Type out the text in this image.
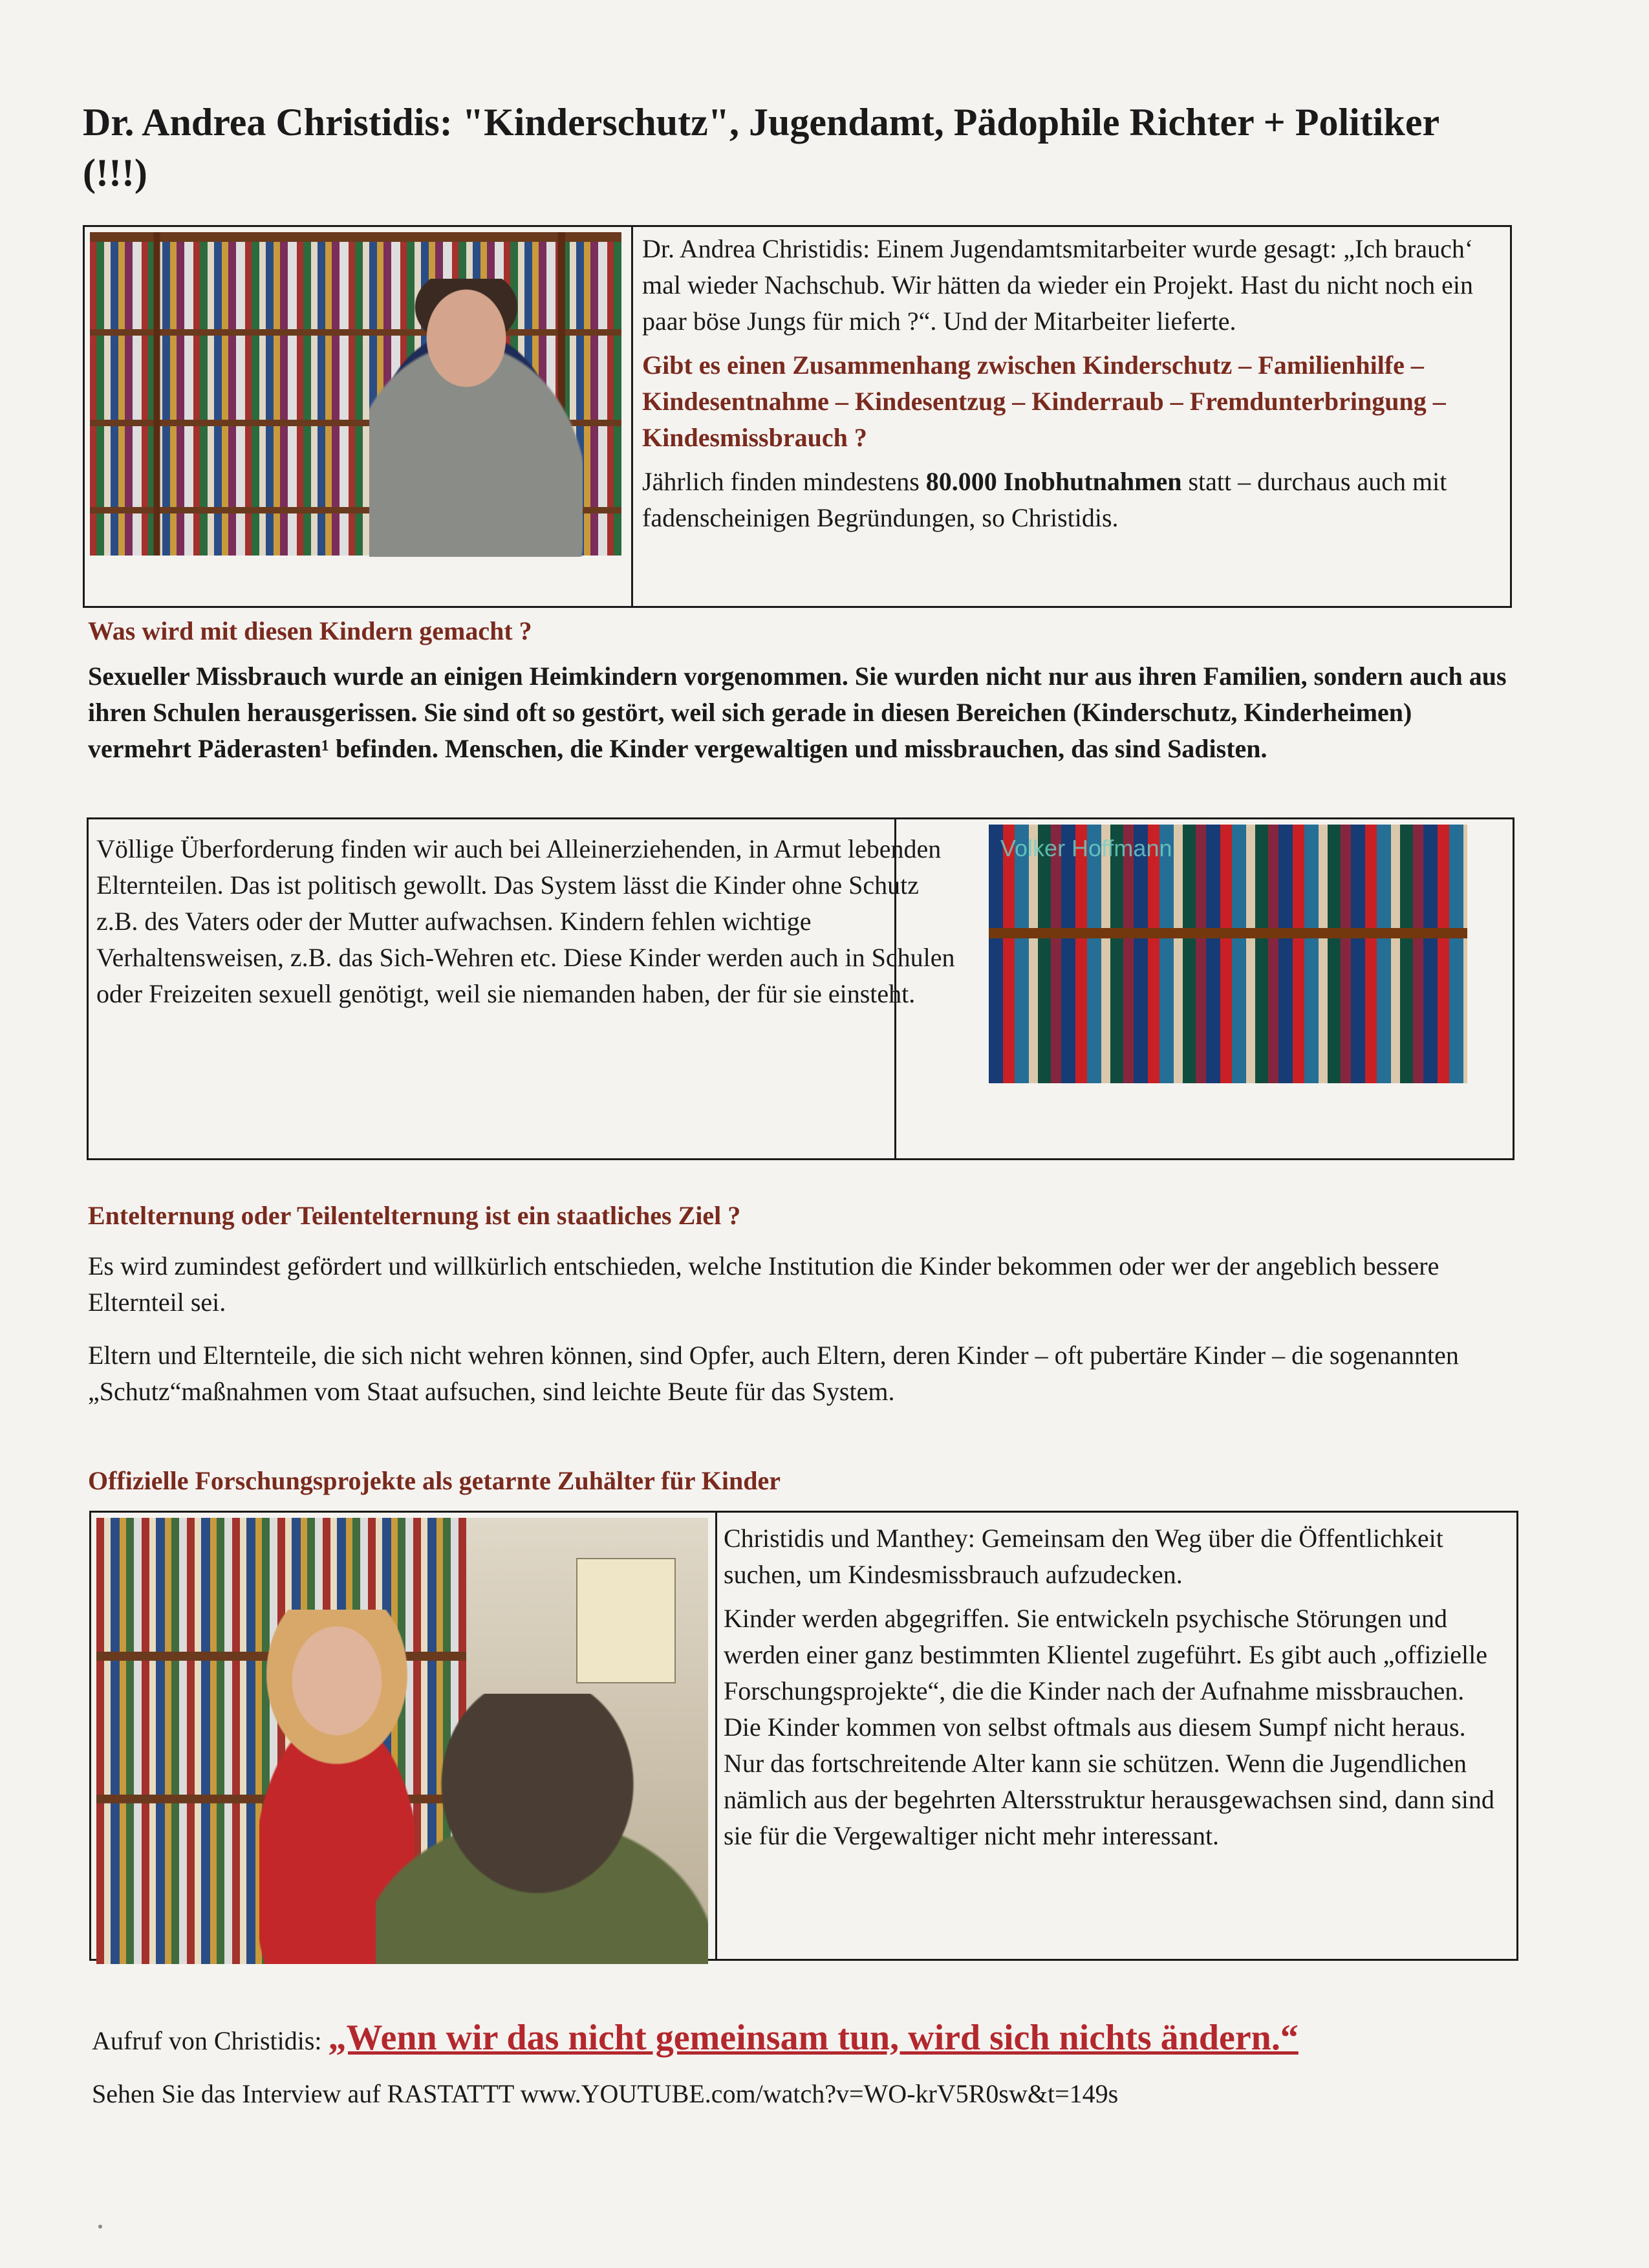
Dr. Andrea Christidis: "Kinderschutz", Jugendamt, Pädophile Richter + Politiker (!!!)

Dr. Andrea Christidis: Einem Jugendamtsmitarbeiter wurde gesagt: „Ich brauch‘ mal wieder Nachschub. Wir hätten da wieder ein Projekt. Hast du nicht noch ein paar böse Jungs für mich ?“. Und der Mitarbeiter lieferte.

Gibt es einen Zusammenhang zwischen Kinderschutz – Familienhilfe – Kindesentnahme – Kindesentzug – Kinderraub – Fremdunterbringung – Kindesmissbrauch ?

Jährlich finden mindestens 80.000 Inobhutnahmen statt – durchaus auch mit fadenscheinigen Begründungen, so Christidis.

Was wird mit diesen Kindern gemacht ?
Sexueller Missbrauch wurde an einigen Heimkindern vorgenommen. Sie wurden nicht nur aus ihren Familien, sondern auch aus ihren Schulen herausgerissen. Sie sind oft so gestört, weil sich gerade in diesen Bereichen (Kinderschutz, Kinderheimen) vermehrt Päderasten¹ befinden. Menschen, die Kinder vergewaltigen und missbrauchen, das sind Sadisten.

Völlige Überforderung finden wir auch bei Alleinerziehenden, in Armut lebenden Elternteilen. Das ist politisch gewollt. Das System lässt die Kinder ohne Schutz z.B. des Vaters oder der Mutter aufwachsen. Kindern fehlen wichtige Verhaltensweisen, z.B. das Sich-Wehren etc. Diese Kinder werden auch in Schulen oder Freizeiten sexuell genötigt, weil sie niemanden haben, der für sie einsteht.

Volker Hoffmann
Entelternung oder Teilentelternung ist ein staatliches Ziel ?
Es wird zumindest gefördert und willkürlich entschieden, welche Institution die Kinder bekommen oder wer der angeblich bessere Elternteil sei.
Eltern und Elternteile, die sich nicht wehren können, sind Opfer, auch Eltern, deren Kinder – oft pubertäre Kinder – die sogenannten „Schutz“maßnahmen vom Staat aufsuchen, sind leichte Beute für das System.
Offizielle Forschungsprojekte als getarnte Zuhälter für Kinder

Christidis und Manthey: Gemeinsam den Weg über die Öffentlichkeit suchen, um Kindesmissbrauch aufzudecken.

Kinder werden abgegriffen. Sie entwickeln psychische Störungen und werden einer ganz bestimmten Klientel zugeführt. Es gibt auch „offizielle Forschungsprojekte“, die die Kinder nach der Aufnahme missbrauchen. Die Kinder kommen von selbst oftmals aus diesem Sumpf nicht heraus. Nur das fortschreitende Alter kann sie schützen. Wenn die Jugendlichen nämlich aus der begehrten Altersstruktur herausgewachsen sind, dann sind sie für die Vergewaltiger nicht mehr interessant.

Aufruf von Christidis: „Wenn wir das nicht gemeinsam tun, wird sich nichts ändern.“
Sehen Sie das Interview auf RASTATTT www.YOUTUBE.com/watch?v=WO-krV5R0sw&t=149s
